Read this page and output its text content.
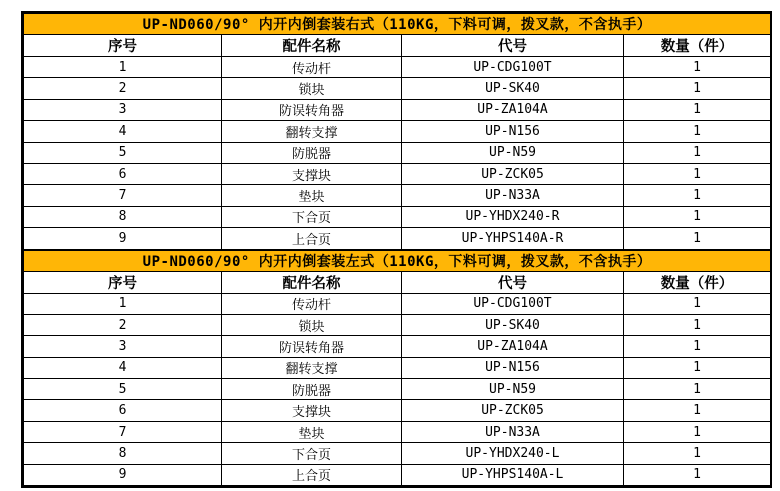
UP-ND060/90° 内开内倒套装右式（110KG，下料可调，拨叉款，不含执手）			
序号	配件名称	代号	数量（件）
1	传动杆	UP-CDG100T	1
2	锁块	UP-SK40	1
3	防误转角器	UP-ZA104A	1
4	翻转支撑	UP-N156	1
5	防脱器	UP-N59	1
6	支撑块	UP-ZCK05	1
7	垫块	UP-N33A	1
8	下合页	UP-YHDX240-R	1
9	上合页	UP-YHPS140A-R	1
UP-ND060/90° 内开内倒套装左式（110KG，下料可调，拨叉款，不含执手）			
序号	配件名称	代号	数量（件）
1	传动杆	UP-CDG100T	1
2	锁块	UP-SK40	1
3	防误转角器	UP-ZA104A	1
4	翻转支撑	UP-N156	1
5	防脱器	UP-N59	1
6	支撑块	UP-ZCK05	1
7	垫块	UP-N33A	1
8	下合页	UP-YHDX240-L	1
9	上合页	UP-YHPS140A-L	1
